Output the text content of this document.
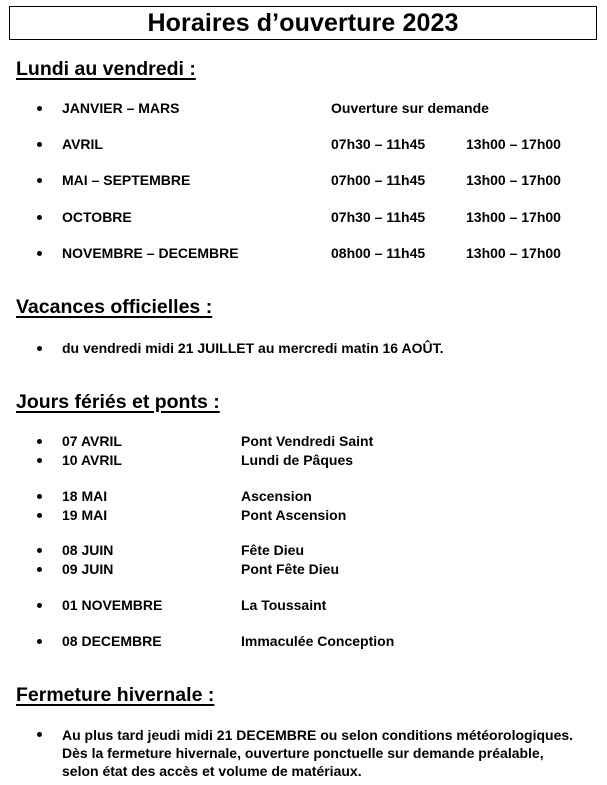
Horaires d’ouverture 2023
Lundi au vendredi :
JANVIER – MARS	Ouverture sur demande
AVRIL	07h30 – 11h45	13h00 – 17h00
MAI – SEPTEMBRE	07h00 – 11h45	13h00 – 17h00
OCTOBRE	07h30 – 11h45	13h00 – 17h00
NOVEMBRE – DECEMBRE	08h00 – 11h45	13h00 – 17h00
Vacances officielles :
du vendredi midi 21 JUILLET au mercredi matin 16 AOÛT.
Jours fériés et ponts :
07 AVRIL	Pont Vendredi Saint
10 AVRIL	Lundi de Pâques
18 MAI	Ascension
19 MAI	Pont Ascension
08 JUIN	Fête Dieu
09 JUIN	Pont Fête Dieu
01 NOVEMBRE	La Toussaint
08 DECEMBRE	Immaculée Conception
Fermeture hivernale :
Au plus tard jeudi midi 21 DECEMBRE ou selon conditions météorologiques. Dès la fermeture hivernale, ouverture ponctuelle sur demande préalable, selon état des accès et volume de matériaux.
